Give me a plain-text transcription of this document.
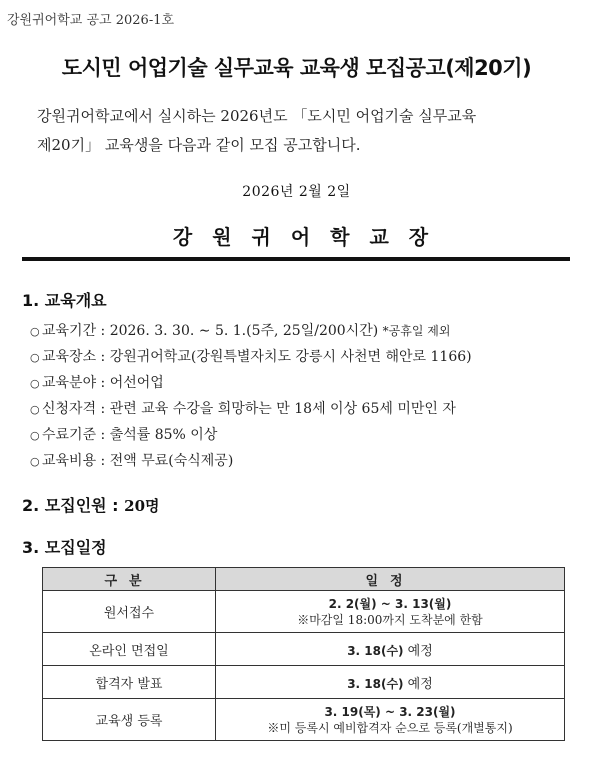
강원귀어학교 공고 2026-1호
도시민 어업기술 실무교육 교육생 모집공고(제20기)
강원귀어학교에서 실시하는 2026년도 「도시민 어업기술 실무교육
제20기」 교육생을 다음과 같이 모집 공고합니다.
2026년 2월 2일
강원귀어학교장
1. 교육개요
○ 교육기간 : 2026. 3. 30. ∼ 5. 1.(5주, 25일/200시간) *공휴일 제외
○ 교육장소 : 강원귀어학교(강원특별자치도 강릉시 사천면 해안로 1166)
○ 교육분야 : 어선어업
○ 신청자격 : 관련 교육 수강을 희망하는 만 18세 이상 65세 미만인 자
○ 수료기준 : 출석률 85% 이상
○ 교육비용 : 전액 무료(숙식제공)
2. 모집인원 : 20명
3. 모집일정
구분	일정
원서접수	2. 2(월) ~ 3. 13(월)
※마감일 18:00까지 도착분에 한함

온라인 면접일	3. 18(수) 예정
합격자 발표	3. 18(수) 예정
교육생 등록	3. 19(목) ~ 3. 23(월)
※미 등록시 예비합격자 순으로 등록(개별통지)
